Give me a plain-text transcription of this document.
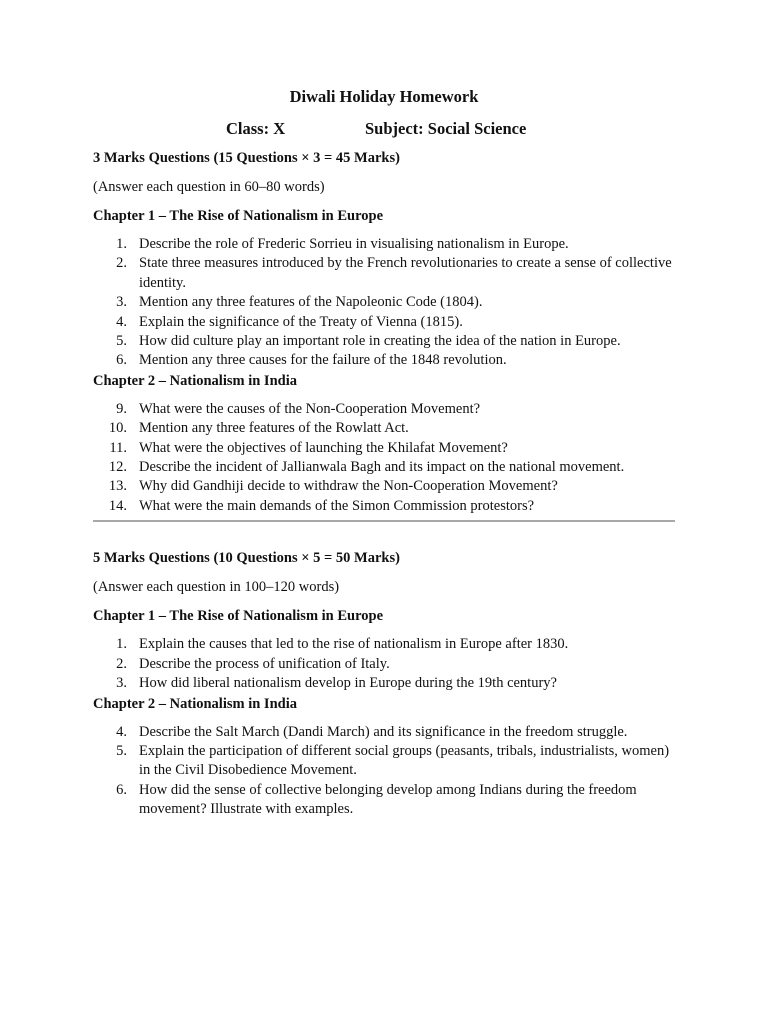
Diwali Holiday Homework
Class: X	Subject: Social Science
3 Marks Questions (15 Questions × 3 = 45 Marks)
(Answer each question in 60–80 words)
Chapter 1 – The Rise of Nationalism in Europe
1. Describe the role of Frederic Sorrieu in visualising nationalism in Europe.
2. State three measures introduced by the French revolutionaries to create a sense of collective identity.
3. Mention any three features of the Napoleonic Code (1804).
4. Explain the significance of the Treaty of Vienna (1815).
5. How did culture play an important role in creating the idea of the nation in Europe.
6. Mention any three causes for the failure of the 1848 revolution.
Chapter 2 – Nationalism in India
9. What were the causes of the Non-Cooperation Movement?
10. Mention any three features of the Rowlatt Act.
11. What were the objectives of launching the Khilafat Movement?
12. Describe the incident of Jallianwala Bagh and its impact on the national movement.
13. Why did Gandhiji decide to withdraw the Non-Cooperation Movement?
14. What were the main demands of the Simon Commission protestors?
5 Marks Questions (10 Questions × 5 = 50 Marks)
(Answer each question in 100–120 words)
Chapter 1 – The Rise of Nationalism in Europe
1. Explain the causes that led to the rise of nationalism in Europe after 1830.
2. Describe the process of unification of Italy.
3. How did liberal nationalism develop in Europe during the 19th century?
Chapter 2 – Nationalism in India
4. Describe the Salt March (Dandi March) and its significance in the freedom struggle.
5. Explain the participation of different social groups (peasants, tribals, industrialists, women) in the Civil Disobedience Movement.
6. How did the sense of collective belonging develop among Indians during the freedom movement? Illustrate with examples.
